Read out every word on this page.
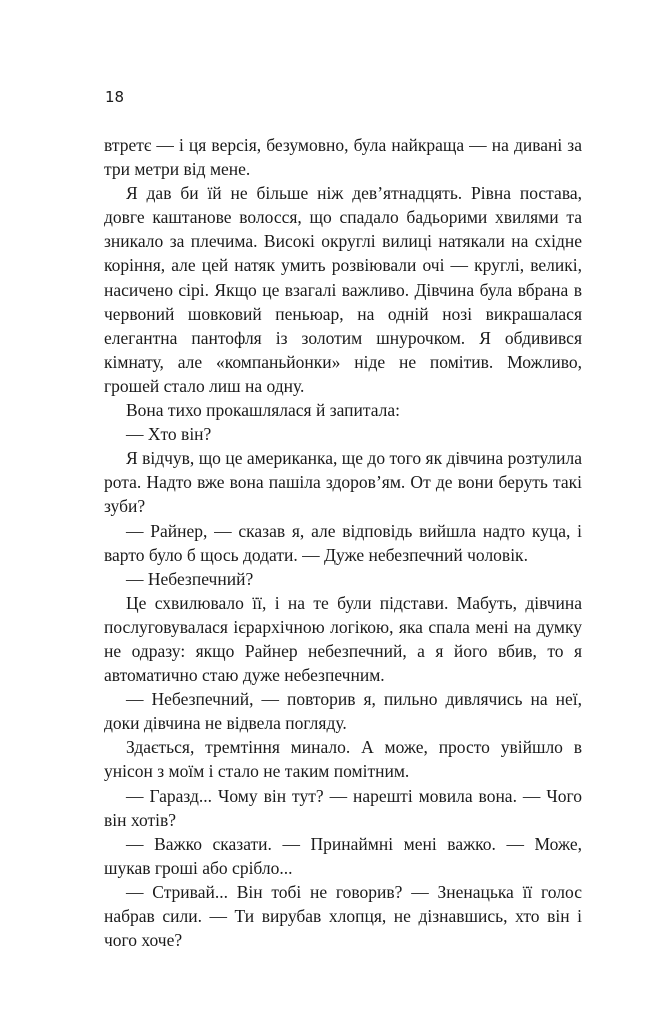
18

втретє — і ця версія, безумовно, була найкраща — на дивані за три метри від мене.

Я дав би їй не більше ніж дев’ятнадцять. Рівна постава, довге каштанове волосся, що спадало бадьорими хвилями та зникало за плечима. Високі округлі вилиці натякали на східне коріння, але цей натяк умить розвіювали очі — круглі, великі, насичено сірі. Якщо це взагалі важливо. Дівчина була вбрана в червоний шовковий пеньюар, на одній нозі викрашалася елегантна пантофля із золотим шнурочком. Я обдивився кімнату, але «компаньйонки» ніде не помітив. Можливо, грошей стало лиш на одну.

Вона тихо прокашлялася й запитала:

— Хто він?

Я відчув, що це американка, ще до того як дівчина розтулила рота. Надто вже вона пашіла здоров’ям. От де вони беруть такі зуби?

— Райнер, — сказав я, але відповідь вийшла надто куца, і варто було б щось додати. — Дуже небезпечний чоловік.

— Небезпечний?

Це схвилювало її, і на те були підстави. Мабуть, дівчина послуговувалася ієрархічною логікою, яка спала мені на думку не одразу: якщо Райнер небезпечний, а я його вбив, то я автоматично стаю дуже небезпечним.

— Небезпечний, — повторив я, пильно дивлячись на неї, доки дівчина не відвела погляду.

Здається, тремтіння минало. А може, просто увійшло в унісон з моїм і стало не таким помітним.

— Гаразд... Чому він тут? — нарешті мовила вона. — Чого він хотів?

— Важко сказати. — Принаймні мені важко. — Може, шукав гроші або срібло...

— Стривай... Він тобі не говорив? — Зненацька її голос набрав сили. — Ти вирубав хлопця, не дізнавшись, хто він і чого хоче?
